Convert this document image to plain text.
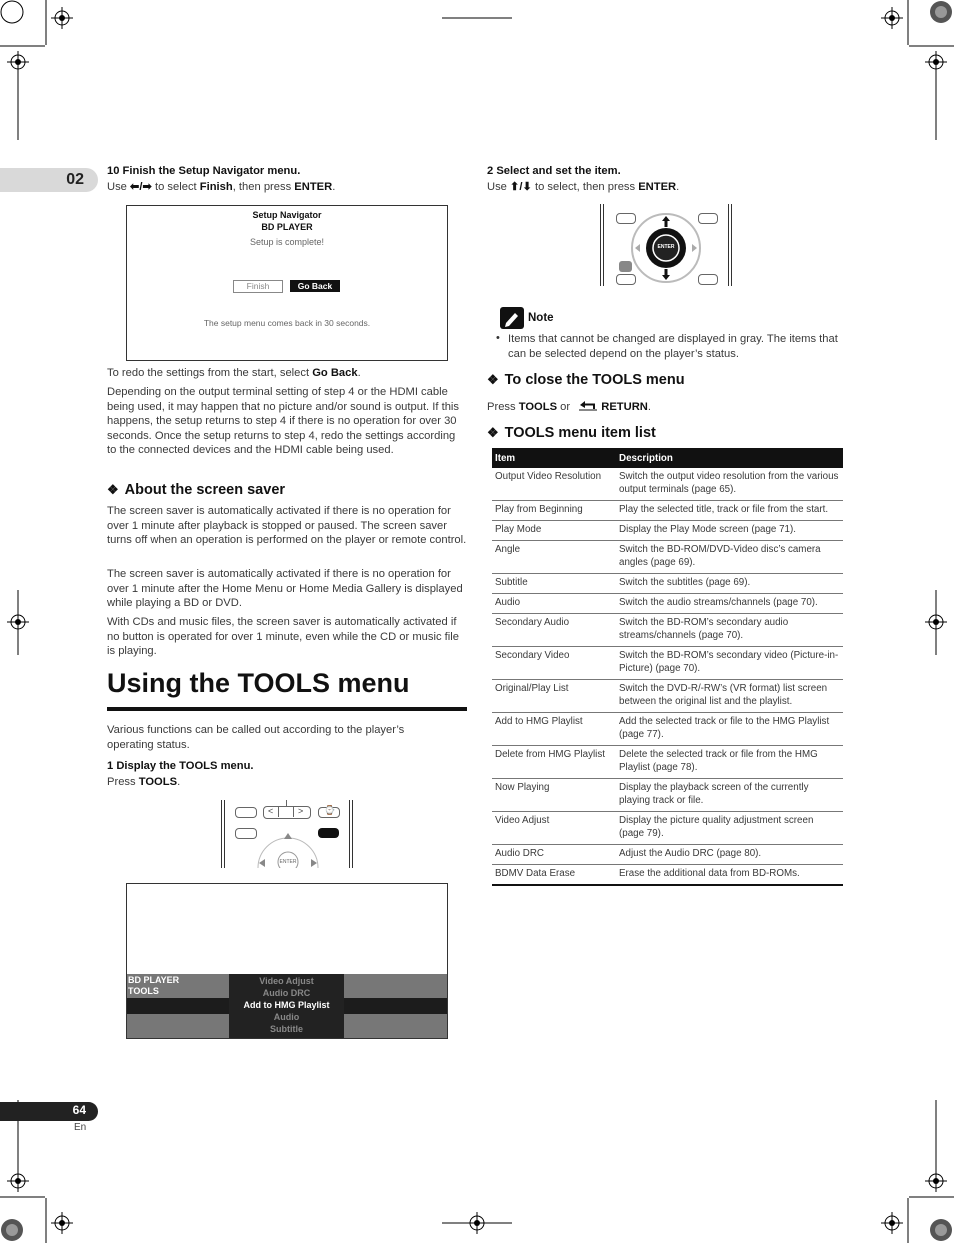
02
64
En
10 Finish the Setup Navigator menu.

Use ⬅/➡ to select Finish, then press ENTER.

Setup Navigator
BD PLAYER
Setup is complete!
Finish	Go Back
The setup menu comes back in 30 seconds.

To redo the settings from the start, select Go Back.

Depending on the output terminal setting of step 4 or the HDMI cable being used, it may happen that no picture and/or sound is output. If this happens, the setup returns to step 4 if there is no operation for over 30 seconds. Once the setup returns to step 4, redo the settings according to the connected devices and the HDMI cable being used.

❖ About the screen saver

The screen saver is automatically activated if there is no operation for over 1 minute after playback is stopped or paused. The screen saver turns off when an operation is performed on the player or remote control.

The screen saver is automatically activated if there is no operation for over 1 minute after the Home Menu or Home Media Gallery is displayed while playing a BD or DVD.

With CDs and music files, the screen saver is automatically activated if no button is operated for over 1 minute, even while the CD or music file is playing.

Using the TOOLS menu

Various functions can be called out according to the player’s operating status.

1 Display the TOOLS menu.

Press TOOLS.

<	> ⌚
ENTER
BD PLAYER
TOOLS
Video Adjust
Audio DRC
Add to HMG Playlist
Audio
Subtitle
2 Select and set the item.

Use ⬆/⬇ to select, then press ENTER.

ENTER
Note
• Items that cannot be changed are displayed in gray. The items that can be selected depend on the player’s status.

❖ To close the TOOLS menu

Press TOOLS or	RETURN.

❖ TOOLS menu item list
Item	Description
Output Video Resolution	Switch the output video resolution from the various output terminals (page 65).
Play from Beginning	Play the selected title, track or file from the start.
Play Mode	Display the Play Mode screen (page 71).
Angle	Switch the BD-ROM/DVD-Video disc’s camera angles (page 69).
Subtitle	Switch the subtitles (page 69).
Audio	Switch the audio streams/channels (page 70).
Secondary Audio	Switch the BD-ROM’s secondary audio streams/channels (page 70).
Secondary Video	Switch the BD-ROM’s secondary video (Picture-in-Picture) (page 70).
Original/Play List	Switch the DVD-R/-RW’s (VR format) list screen between the original list and the playlist.
Add to HMG Playlist	Add the selected track or file to the HMG Playlist (page 77).
Delete from HMG Playlist	Delete the selected track or file from the HMG Playlist (page 78).
Now Playing	Display the playback screen of the currently playing track or file.
Video Adjust	Display the picture quality adjustment screen (page 79).
Audio DRC	Adjust the Audio DRC (page 80).
BDMV Data Erase	Erase the additional data from BD-ROMs.
